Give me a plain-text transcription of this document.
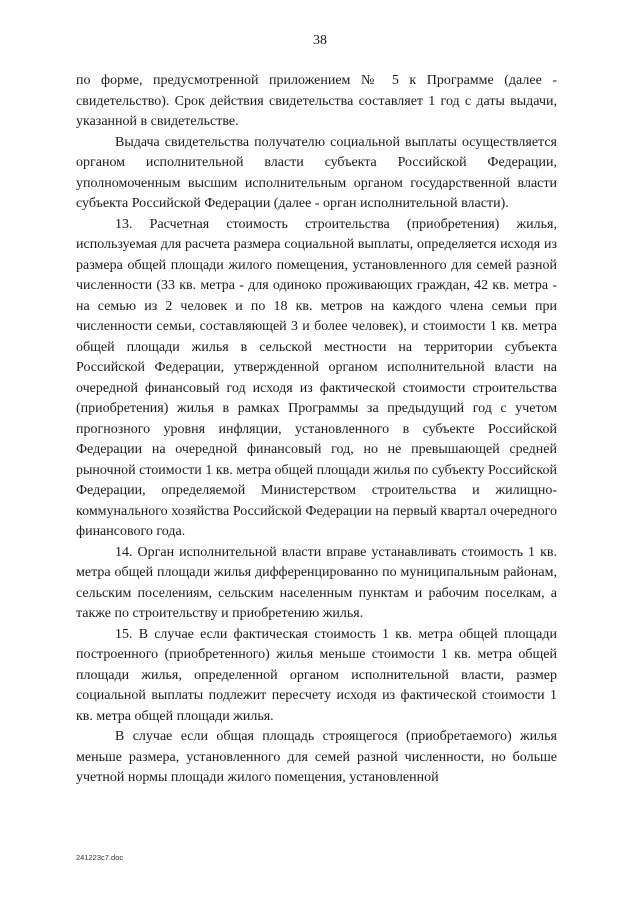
38

по форме, предусмотренной приложением № 5 к Программе (далее - свидетельство). Срок действия свидетельства составляет 1 год с даты выдачи, указанной в свидетельстве.

Выдача свидетельства получателю социальной выплаты осуществляется органом исполнительной власти субъекта Российской Федерации, уполномоченным высшим исполнительным органом государственной власти субъекта Российской Федерации (далее - орган исполнительной власти).

13. Расчетная стоимость строительства (приобретения) жилья, используемая для расчета размера социальной выплаты, определяется исходя из размера общей площади жилого помещения, установленного для семей разной численности (33 кв. метра - для одиноко проживающих граждан, 42 кв. метра - на семью из 2 человек и по 18 кв. метров на каждого члена семьи при численности семьи, составляющей 3 и более человек), и стоимости 1 кв. метра общей площади жилья в сельской местности на территории субъекта Российской Федерации, утвержденной органом исполнительной власти на очередной финансовый год исходя из фактической стоимости строительства (приобретения) жилья в рамках Программы за предыдущий год с учетом прогнозного уровня инфляции, установленного в субъекте Российской Федерации на очередной финансовый год, но не превышающей средней рыночной стоимости 1 кв. метра общей площади жилья по субъекту Российской Федерации, определяемой Министерством строительства и жилищно-коммунального хозяйства Российской Федерации на первый квартал очередного финансового года.

14. Орган исполнительной власти вправе устанавливать стоимость 1 кв. метра общей площади жилья дифференцированно по муниципальным районам, сельским поселениям, сельским населенным пунктам и рабочим поселкам, а также по строительству и приобретению жилья.

15. В случае если фактическая стоимость 1 кв. метра общей площади построенного (приобретенного) жилья меньше стоимости 1 кв. метра общей площади жилья, определенной органом исполнительной власти, размер социальной выплаты подлежит пересчету исходя из фактической стоимости 1 кв. метра общей площади жилья.

В случае если общая площадь строящегося (приобретаемого) жилья меньше размера, установленного для семей разной численности, но больше учетной нормы площади жилого помещения, установленной

241223с7.doc
